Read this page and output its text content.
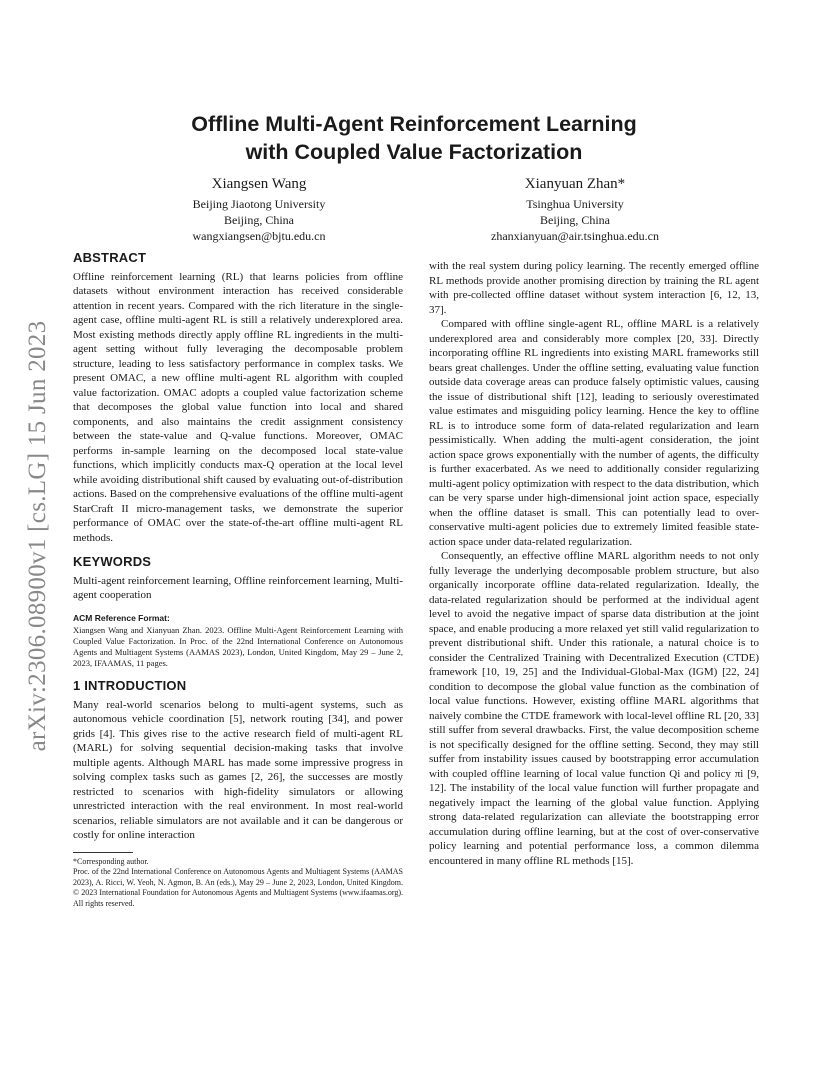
arXiv:2306.08900v1 [cs.LG] 15 Jun 2023
Offline Multi-Agent Reinforcement Learning
with Coupled Value Factorization
Xiangsen Wang
Beijing Jiaotong University
Beijing, China
wangxiangsen@bjtu.edu.cn
Xianyuan Zhan*
Tsinghua University
Beijing, China
zhanxianyuan@air.tsinghua.edu.cn
ABSTRACT

Offline reinforcement learning (RL) that learns policies from offline datasets without environment interaction has received considerable attention in recent years. Compared with the rich literature in the single-agent case, offline multi-agent RL is still a relatively underexplored area. Most existing methods directly apply offline RL ingredients in the multi-agent setting without fully leveraging the decomposable problem structure, leading to less satisfactory performance in complex tasks. We present OMAC, a new offline multi-agent RL algorithm with coupled value factorization. OMAC adopts a coupled value factorization scheme that decomposes the global value function into local and shared components, and also maintains the credit assignment consistency between the state-value and Q-value functions. Moreover, OMAC performs in-sample learning on the decomposed local state-value functions, which implicitly conducts max-Q operation at the local level while avoiding distributional shift caused by evaluating out-of-distribution actions. Based on the comprehensive evaluations of the offline multi-agent StarCraft II micro-management tasks, we demonstrate the superior performance of OMAC over the state-of-the-art offline multi-agent RL methods.

KEYWORDS

Multi-agent reinforcement learning, Offline reinforcement learning, Multi-agent cooperation

ACM Reference Format:

Xiangsen Wang and Xianyuan Zhan. 2023. Offline Multi-Agent Reinforcement Learning with Coupled Value Factorization. In Proc. of the 22nd International Conference on Autonomous Agents and Multiagent Systems (AAMAS 2023), London, United Kingdom, May 29 – June 2, 2023, IFAAMAS, 11 pages.

1 INTRODUCTION

Many real-world scenarios belong to multi-agent systems, such as autonomous vehicle coordination [5], network routing [34], and power grids [4]. This gives rise to the active research field of multi-agent RL (MARL) for solving sequential decision-making tasks that involve multiple agents. Although MARL has made some impressive progress in solving complex tasks such as games [2, 26], the successes are mostly restricted to scenarios with high-fidelity simulators or allowing unrestricted interaction with the real environment. In most real-world scenarios, reliable simulators are not available and it can be dangerous or costly for online interaction

*Corresponding author.

Proc. of the 22nd International Conference on Autonomous Agents and Multiagent Systems (AAMAS 2023), A. Ricci, W. Yeoh, N. Agmon, B. An (eds.), May 29 – June 2, 2023, London, United Kingdom. © 2023 International Foundation for Autonomous Agents and Multiagent Systems (www.ifaamas.org). All rights reserved.

with the real system during policy learning. The recently emerged offline RL methods provide another promising direction by training the RL agent with pre-collected offline dataset without system interaction [6, 12, 13, 37].

Compared with offline single-agent RL, offline MARL is a relatively underexplored area and considerably more complex [20, 33]. Directly incorporating offline RL ingredients into existing MARL frameworks still bears great challenges. Under the offline setting, evaluating value function outside data coverage areas can produce falsely optimistic values, causing the issue of distributional shift [12], leading to seriously overestimated value estimates and misguiding policy learning. Hence the key to offline RL is to introduce some form of data-related regularization and learn pessimistically. When adding the multi-agent consideration, the joint action space grows exponentially with the number of agents, the difficulty is further exacerbated. As we need to additionally consider regularizing multi-agent policy optimization with respect to the data distribution, which can be very sparse under high-dimensional joint action space, especially when the offline dataset is small. This can potentially lead to over-conservative multi-agent policies due to extremely limited feasible state-action space under data-related regularization.

Consequently, an effective offline MARL algorithm needs to not only fully leverage the underlying decomposable problem structure, but also organically incorporate offline data-related regularization. Ideally, the data-related regularization should be performed at the individual agent level to avoid the negative impact of sparse data distribution at the joint space, and enable producing a more relaxed yet still valid regularization to prevent distributional shift. Under this rationale, a natural choice is to consider the Centralized Training with Decentralized Execution (CTDE) framework [10, 19, 25] and the Individual-Global-Max (IGM) [22, 24] condition to decompose the global value function as the combination of local value functions. However, existing offline MARL algorithms that naively combine the CTDE framework with local-level offline RL [20, 33] still suffer from several drawbacks. First, the value decomposition scheme is not specifically designed for the offline setting. Second, they may still suffer from instability issues caused by bootstrapping error accumulation with coupled offline learning of local value function Qi and policy πi [9, 12]. The instability of the local value function will further propagate and negatively impact the learning of the global value function. Applying strong data-related regularization can alleviate the bootstrapping error accumulation during offline learning, but at the cost of over-conservative policy learning and potential performance loss, a common dilemma encountered in many offline RL methods [15].
